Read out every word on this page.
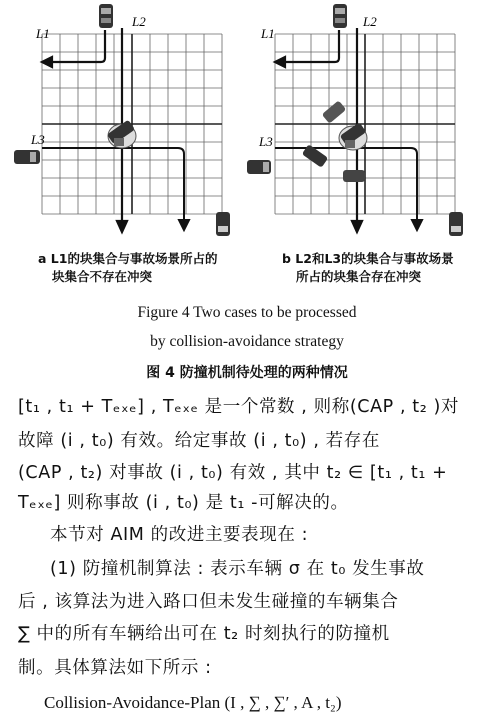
L1
L2
L3
L1
L2
L3
a L1的块集合与事故场景所占的
块集合不存在冲突
b L2和L3的块集合与事故场景
所占的块集合存在冲突
Figure 4 Two cases to be processed
by collision-avoidance strategy
图 4 防撞机制待处理的两种情况
[t₁ , t₁ + Tₑₓₑ] , Tₑₓₑ 是一个常数 , 则称(CAP , t₂ )对
故障 (i , t₀) 有效。给定事故 (i , t₀) , 若存在
(CAP , t₂) 对事故 (i , t₀) 有效 , 其中 t₂ ∈ [t₁ , t₁ +
Tₑₓₑ] 则称事故 (i , t₀) 是 t₁ -可解决的。
本节对 AIM 的改进主要表现在 :
(1) 防撞机制算法 : 表示车辆 σ 在 t₀ 发生事故
后 , 该算法为进入路口但未发生碰撞的车辆集合
∑ 中的所有车辆给出可在 t₂ 时刻执行的防撞机
制。具体算法如下所示 :
Collision-Avoidance-Plan (I , ∑ , ∑′ , A , t₂)
